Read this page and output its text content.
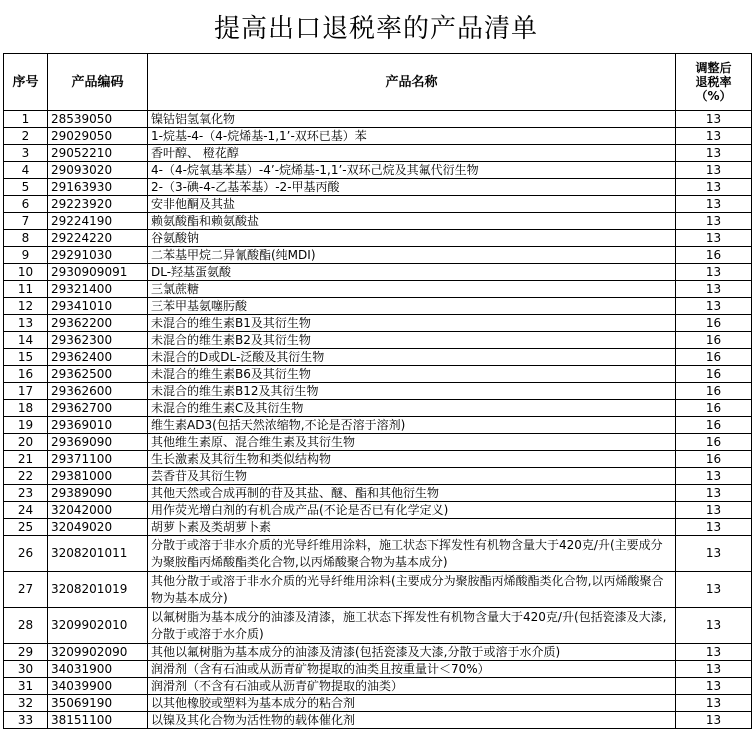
提高出口退税率的产品清单
序号	产品编码	产品名称	调整后
退税率
（%）

1	28539050	镍钴铝氢氧化物	13
2	29029050	1-烷基-4-（4-烷烯基-1,1’-双环已基）苯	13
3	29052210	香叶醇、 橙花醇	13
4	29093020	4-（4-烷氧基苯基）-4’-烷烯基-1,1’-双环己烷及其氟代衍生物	13
5	29163930	2-（3-碘-4-乙基苯基）-2-甲基丙酸	13
6	29223920	安非他酮及其盐	13
7	29224190	赖氨酸酯和赖氨酸盐	13
8	29224220	谷氨酸钠	13
9	29291030	二苯基甲烷二异氰酸酯(纯MDI)	16
10	2930909091	DL-羟基蛋氨酸	13
11	29321400	三氯蔗糖	13
12	29341010	三苯甲基氨噻肟酸	13
13	29362200	未混合的维生素B1及其衍生物	16
14	29362300	未混合的维生素B2及其衍生物	16
15	29362400	未混合的D或DL-泛酸及其衍生物	16
16	29362500	未混合的维生素B6及其衍生物	16
17	29362600	未混合的维生素B12及其衍生物	16
18	29362700	未混合的维生素C及其衍生物	16
19	29369010	维生素AD3(包括天然浓缩物,不论是否溶于溶剂)	16
20	29369090	其他维生素原、混合维生素及其衍生物	16
21	29371100	生长激素及其衍生物和类似结构物	16
22	29381000	芸香苷及其衍生物	13
23	29389090	其他天然或合成再制的苷及其盐、醚、酯和其他衍生物	13
24	32042000	用作荧光增白剂的有机合成产品(不论是否已有化学定义)	13
25	32049020	胡萝卜素及类胡萝卜素	13
26	3208201011	分散于或溶于非水介质的光导纤维用涂料，施工状态下挥发性有机物含量大于420克/升(主要成分为聚胺酯丙烯酸酯类化合物,以丙烯酸聚合物为基本成分)	13
27	3208201019	其他分散于或溶于非水介质的光导纤维用涂料(主要成分为聚胺酯丙烯酸酯类化合物,以丙烯酸聚合物为基本成分)	13
28	3209902010	以氟树脂为基本成分的油漆及清漆，施工状态下挥发性有机物含量大于420克/升(包括瓷漆及大漆,分散于或溶于水介质)	13
29	3209902090	其他以氟树脂为基本成分的油漆及清漆(包括瓷漆及大漆,分散于或溶于水介质)	13
30	34031900	润滑剂（含有石油或从沥青矿物提取的油类且按重量计＜70%）	13
31	34039900	润滑剂（不含有石油或从沥青矿物提取的油类）	13
32	35069190	以其他橡胶或塑料为基本成分的粘合剂	13
33	38151100	以镍及其化合物为活性物的载体催化剂	13
